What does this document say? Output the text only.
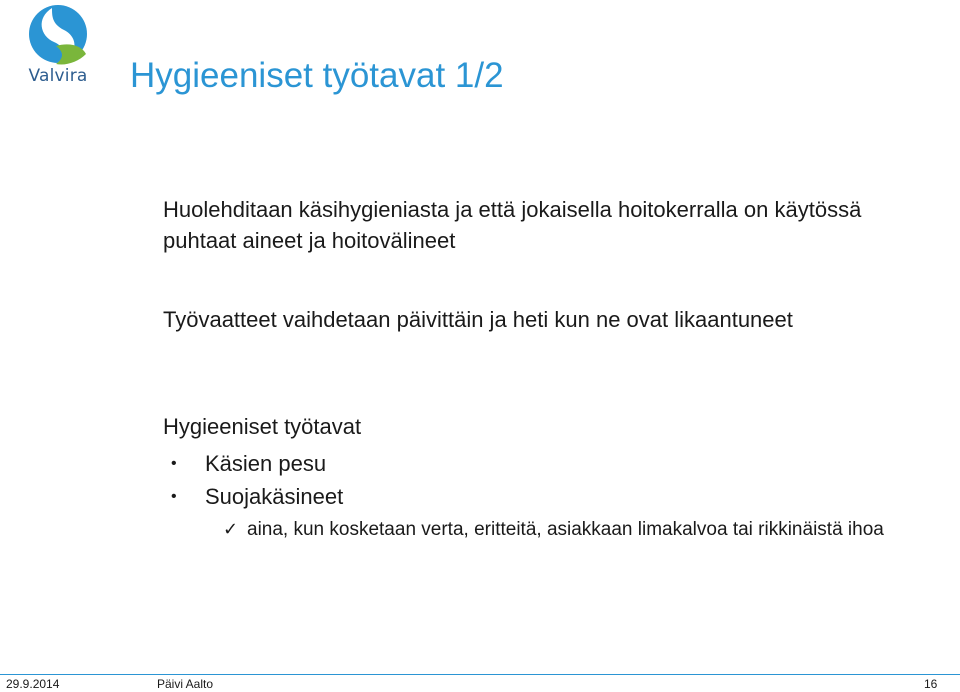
Valvira Hygieeniset työtavat 1/2
Huolehditaan käsihygieniasta ja että jokaisella hoitokerralla on käytössä puhtaat aineet ja hoitovälineet
Työvaatteet vaihdetaan päivittäin ja heti kun ne ovat likaantuneet
Hygieeniset työtavat
• Käsien pesu
• Suojakäsineet
✓ aina, kun kosketaan verta, eritteitä, asiakkaan limakalvoa tai rikkinäistä ihoa
29.9.2014	Päivi Aalto	16
